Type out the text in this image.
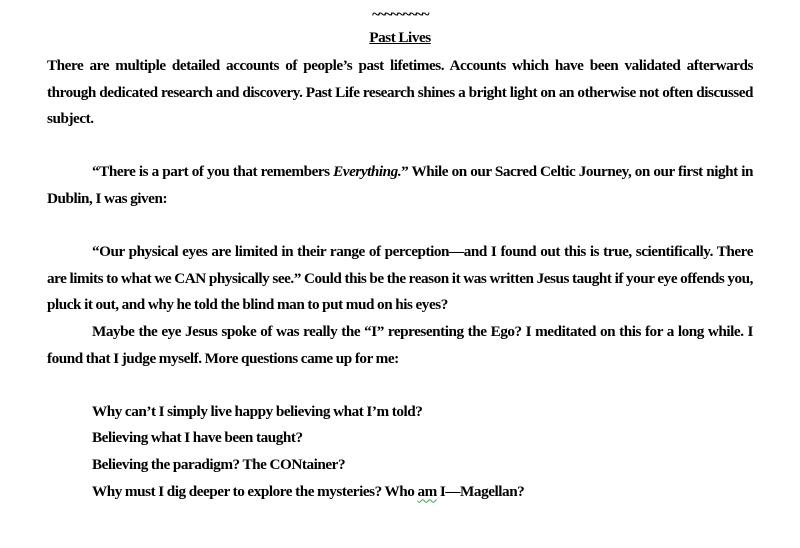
~~~~~~~~~
Past Lives

There are multiple detailed accounts of people’s past lifetimes. Accounts which have been validated afterwards through dedicated research and discovery. Past Life research shines a bright light on an otherwise not often discussed subject.

“There is a part of you that remembers Everything.” While on our Sacred Celtic Journey, on our first night in Dublin, I was given:

“Our physical eyes are limited in their range of perception—and I found out this is true, scientifically. There are limits to what we CAN physically see.” Could this be the reason it was written Jesus taught if your eye offends you, pluck it out, and why he told the blind man to put mud on his eyes?

Maybe the eye Jesus spoke of was really the “I” representing the Ego? I meditated on this for a long while. I found that I judge myself. More questions came up for me:

Why can’t I simply live happy believing what I’m told?
Believing what I have been taught?
Believing the paradigm? The CONtainer?
Why must I dig deeper to explore the mysteries? Who am I—Magellan?
